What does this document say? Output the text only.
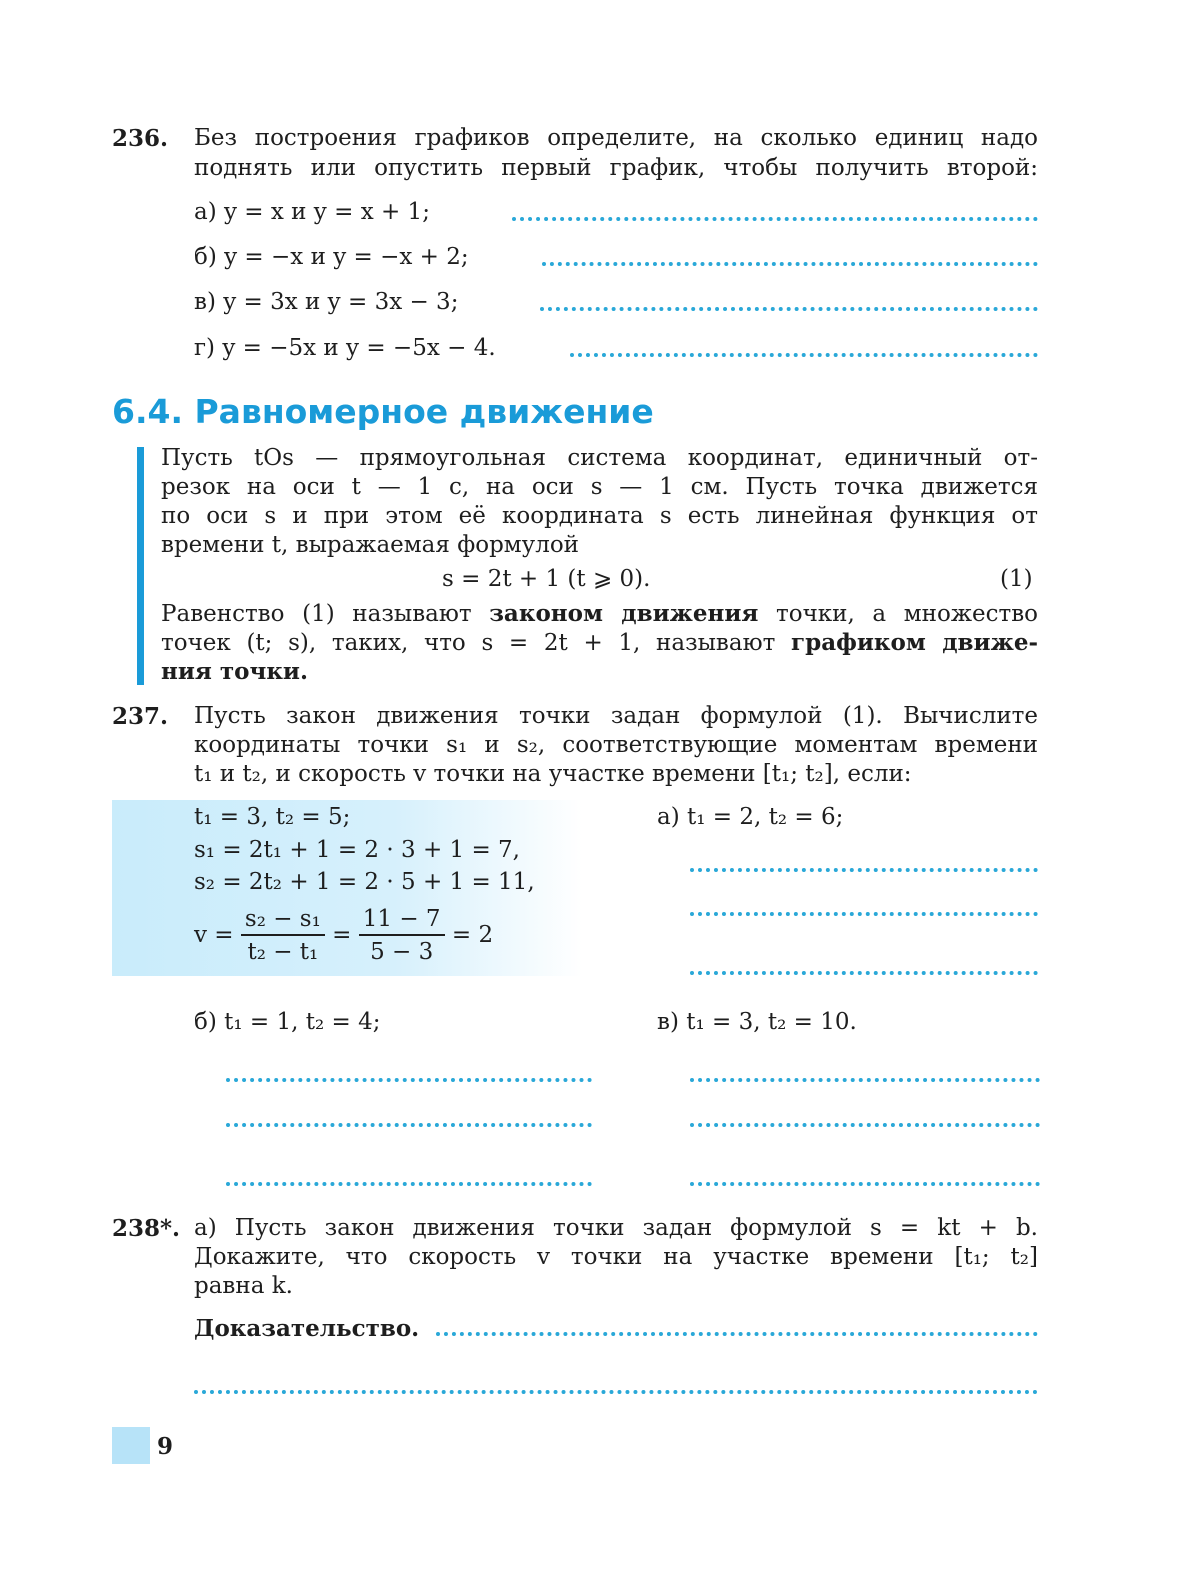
236. Без построения графиков определите, на сколько единиц надо
поднять или опустить первый график, чтобы получить второй:
а) y = x и y = x + 1;
б) y = −x и y = −x + 2;
в) y = 3x и y = 3x − 3;
г) y = −5x и y = −5x − 4.
6.4. Равномерное движение
Пусть tOs — прямоугольная система координат, единичный от-
резок на оси t — 1 с, на оси s — 1 см. Пусть точка движется
по оси s и при этом её координата s есть линейная функция от
времени t, выражаемая формулой
s = 2t + 1 (t ⩾ 0).	(1)
Равенство (1) называют законом движения точки, а множество
точек (t; s), таких, что s = 2t + 1, называют графиком движе-
ния точки.
237. Пусть закон движения точки задан формулой (1). Вычислите
координаты точки s₁ и s₂, соответствующие моментам времени
t₁ и t₂, и скорость v точки на участке времени [t₁; t₂], если:
t₁ = 3, t₂ = 5;
s₁ = 2t₁ + 1 = 2 · 3 + 1 = 7,
s₂ = 2t₂ + 1 = 2 · 5 + 1 = 11,
$v = \frac{\text{s₂ − s₁}}{\text{t₂ − t₁}} = \frac{11 - 7}{5 - 3} = 2$
а) t₁ = 2, t₂ = 6;
б) t₁ = 1, t₂ = 4;	в) t₁ = 3, t₂ = 10.
238*. а) Пусть закон движения точки задан формулой s = kt + b.
Докажите, что скорость v точки на участке времени [t₁; t₂]
равна k.
Доказательство.
9
